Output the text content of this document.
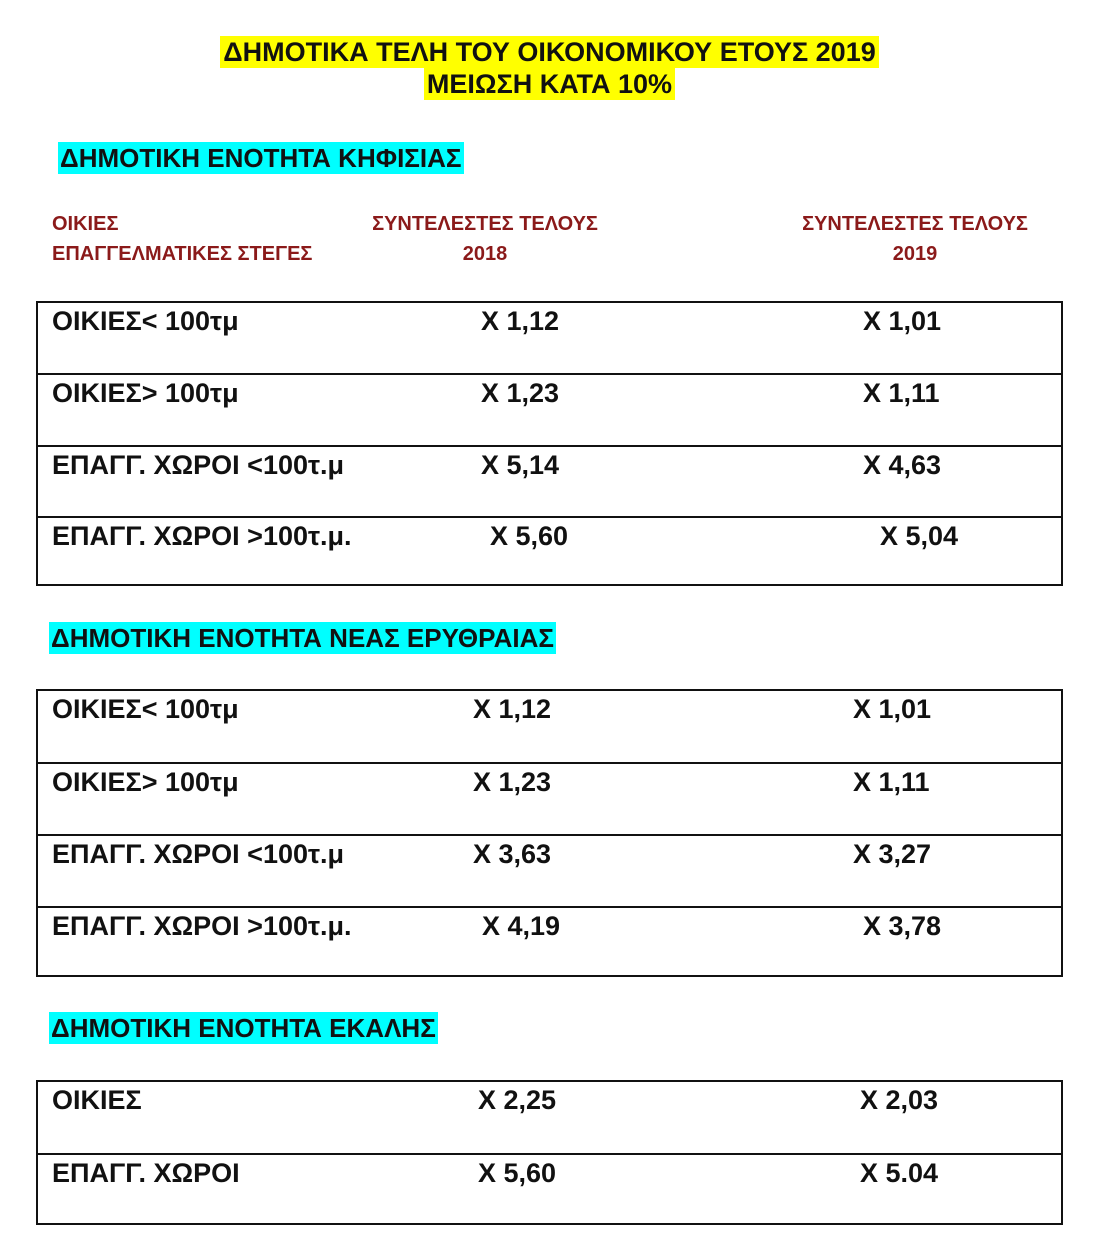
ΔΗΜΟΤΙΚΑ ΤΕΛΗ ΤΟΥ ΟΙΚΟΝΟΜΙΚΟΥ ΕΤΟΥΣ 2019
ΜΕΙΩΣΗ ΚΑΤΑ 10%
ΔΗΜΟΤΙΚΗ ΕΝΟΤΗΤΑ ΚΗΦΙΣΙΑΣ
ΟΙΚΙΕΣ
ΕΠΑΓΓΕΛΜΑΤΙΚΕΣ ΣΤΕΓΕΣ
ΣΥΝΤΕΛΕΣΤΕΣ ΤΕΛΟΥΣ
2018
ΣΥΝΤΕΛΕΣΤΕΣ ΤΕΛΟΥΣ
2019
ΟΙΚΙΕΣ< 100τμ	Χ 1,12	Χ 1,01
ΟΙΚΙΕΣ> 100τμ	Χ 1,23	Χ 1,11
ΕΠΑΓΓ. ΧΩΡΟΙ <100τ.μ	Χ 5,14	Χ 4,63
ΕΠΑΓΓ. ΧΩΡΟΙ >100τ.μ.	Χ 5,60	Χ 5,04
ΔΗΜΟΤΙΚΗ ΕΝΟΤΗΤΑ ΝΕΑΣ ΕΡΥΘΡΑΙΑΣ
ΟΙΚΙΕΣ< 100τμ	Χ 1,12	Χ 1,01
ΟΙΚΙΕΣ> 100τμ	Χ 1,23	Χ 1,11
ΕΠΑΓΓ. ΧΩΡΟΙ <100τ.μ	Χ 3,63	Χ 3,27
ΕΠΑΓΓ. ΧΩΡΟΙ >100τ.μ.	Χ 4,19	Χ 3,78
ΔΗΜΟΤΙΚΗ ΕΝΟΤΗΤΑ ΕΚΑΛΗΣ
ΟΙΚΙΕΣ	Χ 2,25	Χ 2,03
ΕΠΑΓΓ. ΧΩΡΟΙ	Χ 5,60	Χ 5.04
